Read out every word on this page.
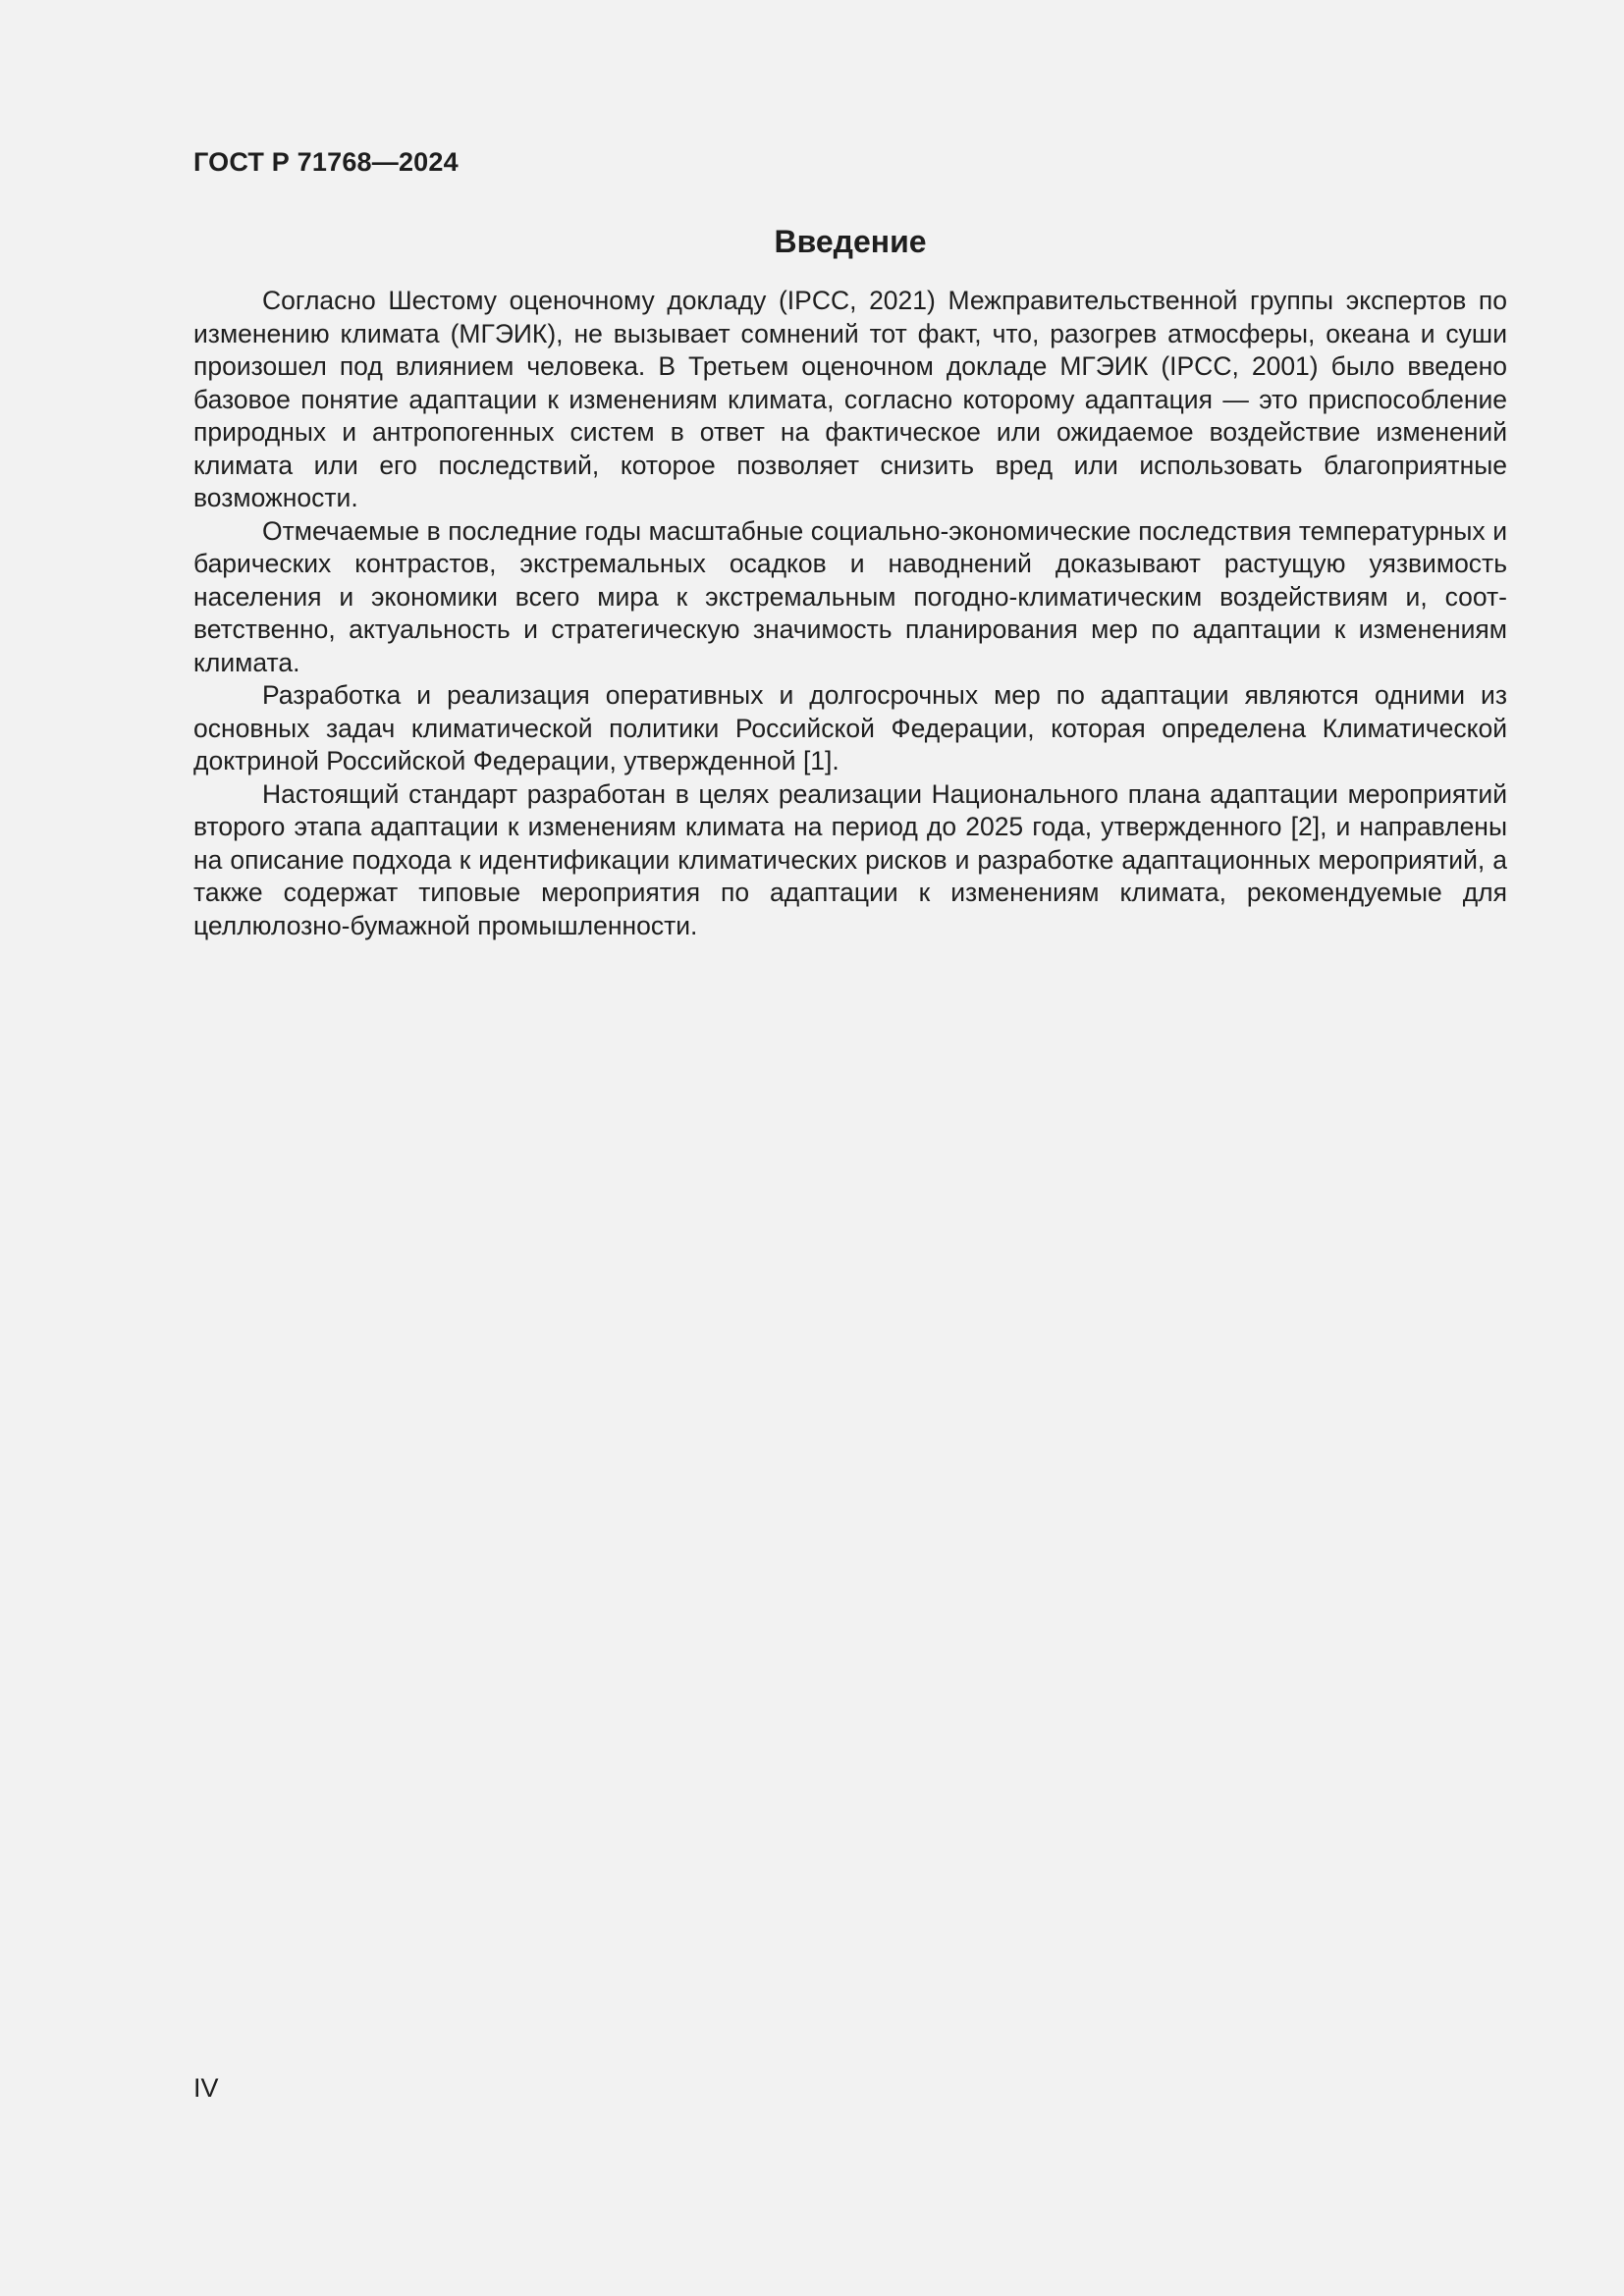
ГОСТ Р 71768—2024

Введение

Согласно Шестому оценочному докладу (IPCC, 2021) Межправительственной группы экспертов по изменению климата (МГЭИК), не вызывает сомнений тот факт, что, разогрев атмосферы, океана и суши произошел под влиянием человека. В Третьем оценочном докладе МГЭИК (IPCC, 2001) было введено базовое понятие адаптации к изменениям климата, согласно которому адаптация — это приспособление природных и антропогенных систем в ответ на фактическое или ожидаемое воздействие изменений климата или его последствий, которое позволяет снизить вред или использовать благоприятные возможности.

Отмечаемые в последние годы масштабные социально-экономические последствия температурных и барических контрастов, экстремальных осадков и наводнений доказывают растущую уязвимость населения и экономики всего мира к экстремальным погодно-климатическим воздействиям и, соответственно, актуальность и стратегическую значимость планирования мер по адаптации к изменениям климата.

Разработка и реализация оперативных и долгосрочных мер по адаптации являются одними из основных задач климатической политики Российской Федерации, которая определена Климатической доктриной Российской Федерации, утвержденной [1].

Настоящий стандарт разработан в целях реализации Национального плана адаптации мероприятий второго этапа адаптации к изменениям климата на период до 2025 года, утвержденного [2], и направлены на описание подхода к идентификации климатических рисков и разработке адаптационных мероприятий, а также содержат типовые мероприятия по адаптации к изменениям климата, рекомендуемые для целлюлозно-бумажной промышленности.

IV
